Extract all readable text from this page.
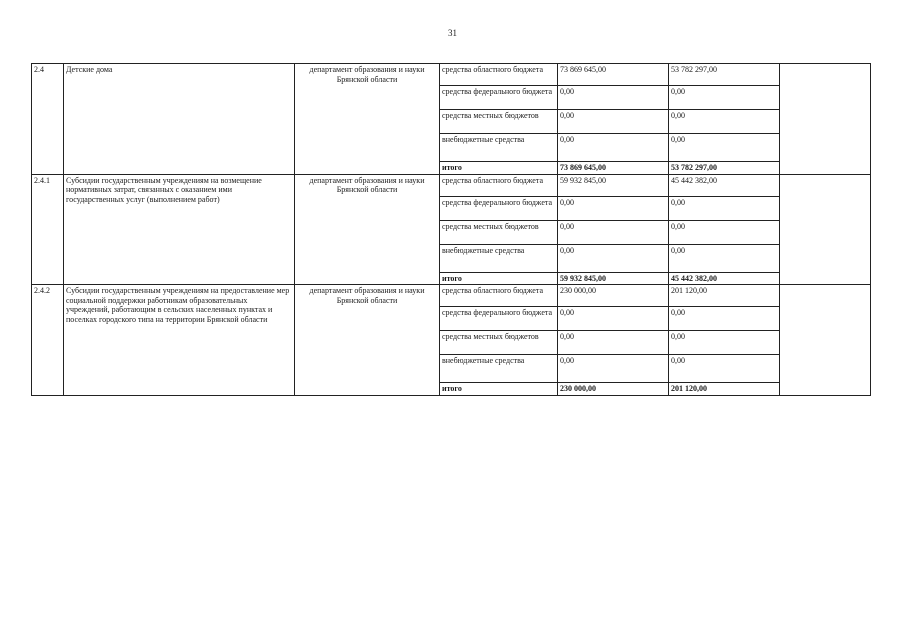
31
2.4	Детские дома	департамент образования и науки Брянской области	средства областного бюджета	73 869 645,00	53 782 297,00	
			средства федерального бюджета	0,00	0,00	
			средства местных бюджетов	0,00	0,00	
			внебюджетные средства	0,00	0,00	
			итого	73 869 645,00	53 782 297,00	
2.4.1	Субсидии государственным учреждениям на возмещение нормативных затрат, связанных с оказанием ими государственных услуг (выполнением работ)	департамент образования и науки Брянской области	средства областного бюджета	59 932 845,00	45 442 382,00	
			средства федерального бюджета	0,00	0,00	
			средства местных бюджетов	0,00	0,00	
			внебюджетные средства	0,00	0,00	
			итого	59 932 845,00	45 442 382,00	
2.4.2	Субсидии государственным учреждениям на предоставление мер социальной поддержки работникам образовательных учреждений, работающим в сельских населенных пунктах и поселках городского типа на территории Брянской области	департамент образования и науки Брянской области	средства областного бюджета	230 000,00	201 120,00	
			средства федерального бюджета	0,00	0,00	
			средства местных бюджетов	0,00	0,00	
			внебюджетные средства	0,00	0,00	
			итого	230 000,00	201 120,00	
